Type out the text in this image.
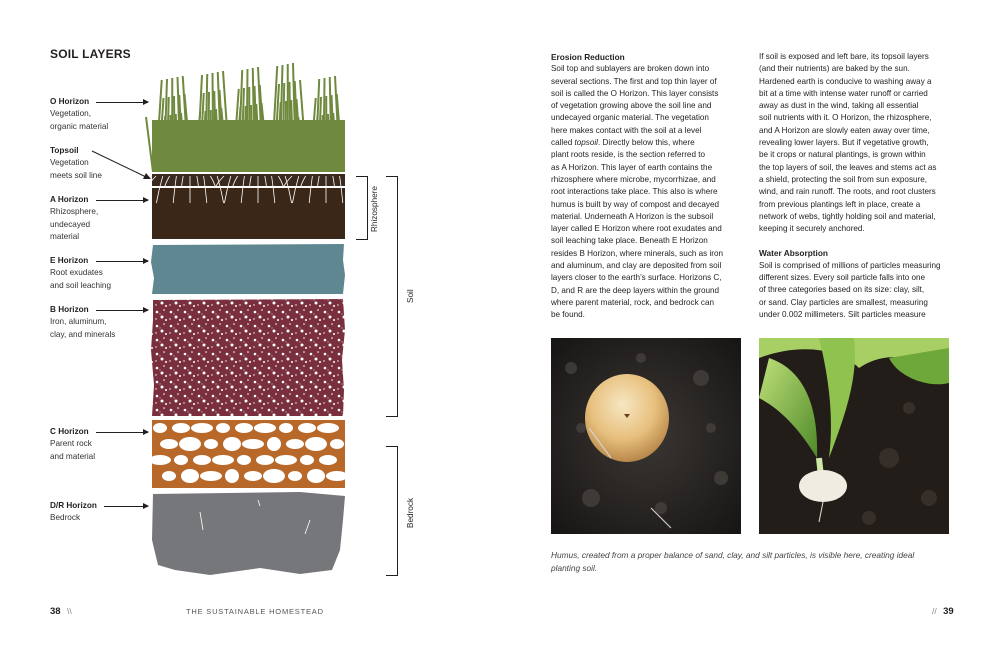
SOIL LAYERS
O Horizon
Vegetation,
organic material
Topsoil
Vegetation
meets soil line
A Horizon
Rhizosphere,
undecayed
material
E Horizon
Root exudates
and soil leaching
B Horizon
Iron, aluminum,
clay, and minerals
C Horizon
Parent rock
and material
D/R Horizon
Bedrock
Rhizosphere
Soil
Bedrock
38 \\	THE SUSTAINABLE HOMESTEAD
Erosion Reduction
Soil top and sublayers are broken down into
several sections. The first and top thin layer of
soil is called the O Horizon. This layer consists
of vegetation growing above the soil line and
undecayed organic material. The vegetation
here makes contact with the soil at a level
called topsoil. Directly below this, where
plant roots reside, is the section referred to
as A Horizon. This layer of earth contains the
rhizosphere where microbe, mycorrhizae, and
root interactions take place. This also is where
humus is built by way of compost and decayed
material. Underneath A Horizon is the subsoil
layer called E Horizon where root exudates and
soil leaching take place. Beneath E Horizon
resides B Horizon, where minerals, such as iron
and aluminum, and clay are deposited from soil
layers closer to the earth’s surface. Horizons C,
D, and R are the deep layers within the ground
where parent material, rock, and bedrock can
be found.
If soil is exposed and left bare, its topsoil layers
(and their nutrients) are baked by the sun.
Hardened earth is conducive to washing away a
bit at a time with intense water runoff or carried
away as dust in the wind, taking all essential
soil nutrients with it. O Horizon, the rhizosphere,
and A Horizon are slowly eaten away over time,
revealing lower layers. But if vegetative growth,
be it crops or natural plantings, is grown within
the top layers of soil, the leaves and stems act as
a shield, protecting the soil from sun exposure,
wind, and rain runoff. The roots, and root clusters
from previous plantings left in place, create a
network of webs, tightly holding soil and material,
keeping it securely anchored.
Water Absorption
Soil is comprised of millions of particles measuring
different sizes. Every soil particle falls into one
of three categories based on its size: clay, silt,
or sand. Clay particles are smallest, measuring
under 0.002 millimeters. Silt particles measure
Humus, created from a proper balance of sand, clay, and silt particles, is visible here, creating ideal
planting soil.
// 39
